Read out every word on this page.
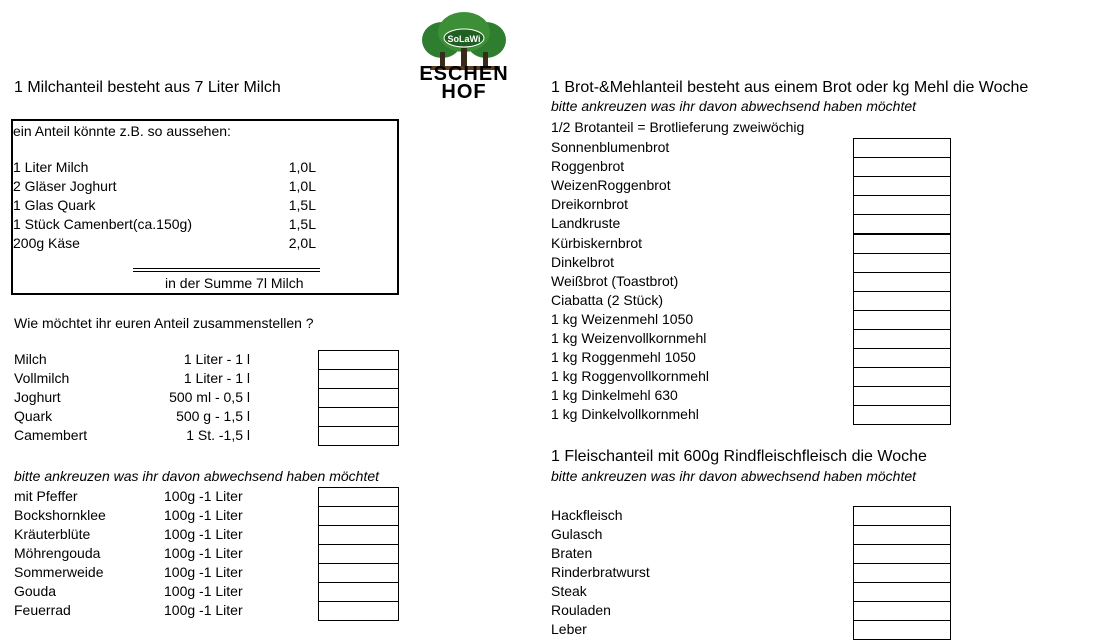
SoLaWi
ESCHEN
HOF
1 Milchanteil besteht aus 7 Liter Milch
ein Anteil könnte z.B. so aussehen:
1 Liter Milch	1,0L
2 Gläser Joghurt	1,0L
1 Glas Quark	1,5L
1 Stück Camenbert(ca.150g)	1,5L
200g Käse	2,0L
in der Summe 7l Milch
Wie möchtet ihr euren Anteil zusammenstellen ?
Milch	1 Liter - 1 l
Vollmilch	1 Liter - 1 l
Joghurt	500 ml - 0,5 l
Quark	500 g - 1,5 l
Camembert	1 St. -1,5 l
bitte ankreuzen was ihr davon abwechsend haben möchtet
mit Pfeffer	100g -1 Liter
Bockshornklee	100g -1 Liter
Kräuterblüte	100g -1 Liter
Möhrengouda	100g -1 Liter
Sommerweide	100g -1 Liter
Gouda	100g -1 Liter
Feuerrad	100g -1 Liter
1 Brot-&Mehlanteil besteht aus einem Brot oder kg Mehl die Woche
bitte ankreuzen was ihr davon abwechsend haben möchtet
1/2 Brotanteil = Brotlieferung zweiwöchig
Sonnenblumenbrot
Roggenbrot
WeizenRoggenbrot
Dreikornbrot
Landkruste
Kürbiskernbrot
Dinkelbrot
Weißbrot (Toastbrot)
Ciabatta (2 Stück)
1 kg Weizenmehl 1050
1 kg Weizenvollkornmehl
1 kg Roggenmehl 1050
1 kg Roggenvollkornmehl
1 kg Dinkelmehl 630
1 kg Dinkelvollkornmehl
1 Fleischanteil mit 600g Rindfleischfleisch die Woche
bitte ankreuzen was ihr davon abwechsend haben möchtet
Hackfleisch
Gulasch
Braten
Rinderbratwurst
Steak
Rouladen
Leber
